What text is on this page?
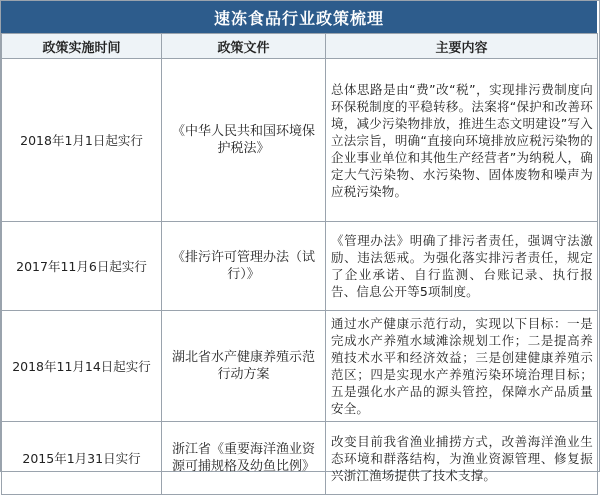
速冻食品行业政策梳理
政策实施时间	政策文件	主要内容
2018年1月1日起实行	《中华人民共和国环境保护税法》	总体思路是由“费”改“税”，实现排污费制度向环保税制度的平稳转移。法案将“保护和改善环境，减少污染物排放，推进生态文明建设”写入立法宗旨，明确“直接向环境排放应税污染物的企业事业单位和其他生产经营者”为纳税人，确定大气污染物、水污染物、固体废物和噪声为应税污染物。
2017年11月6日起实行	《排污许可管理办法（试行）》	《管理办法》明确了排污者责任，强调守法激励、违法惩戒。为强化落实排污者责任，规定了企业承诺、自行监测、台账记录、执行报告、信息公开等5项制度。
2018年11月14日起实行	湖北省水产健康养殖示范行动方案	通过水产健康示范行动，实现以下目标：一是完成水产养殖水域滩涂规划工作；二是提高养殖技术水平和经济效益；三是创建健康养殖示范区；四是实现水产养殖污染环境治理目标；五是强化水产品的源头管控，保障水产品质量安全。
2015年1月31日实行	浙江省《重要海洋渔业资源可捕规格及幼鱼比例》	改变目前我省渔业捕捞方式，改善海洋渔业生态环境和群落结构，为渔业资源管理、修复振兴浙江渔场提供了技术支撑。
